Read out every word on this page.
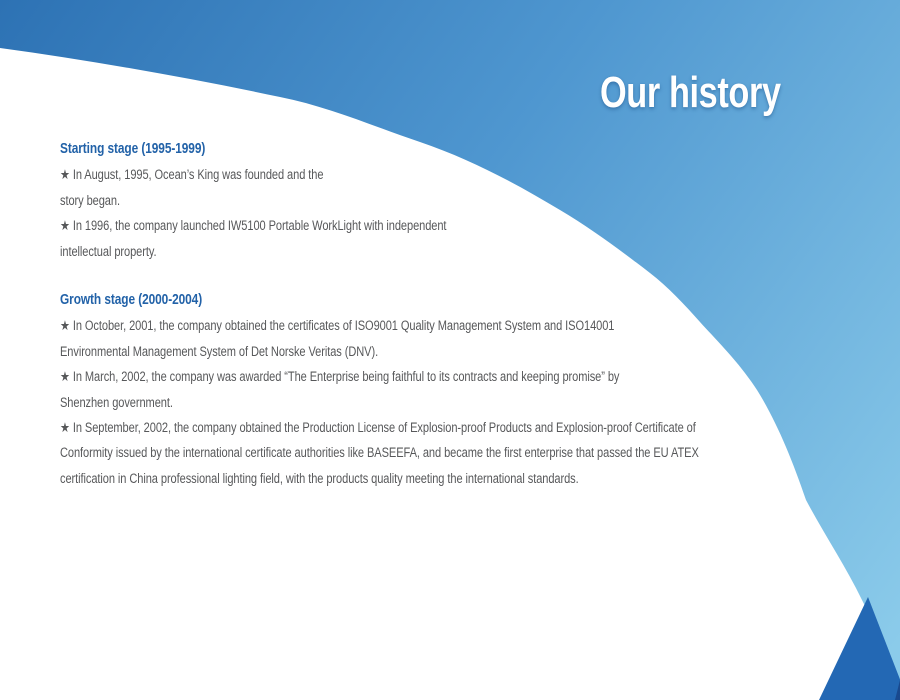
Our history
Starting stage (1995-1999)
★ In August, 1995, Ocean’s King was founded and the
story began.
★ In 1996, the company launched IW5100 Portable WorkLight with independent
intellectual property.
Growth stage (2000-2004)
★ In October, 2001, the company obtained the certificates of ISO9001 Quality Management System and ISO14001
Environmental Management System of Det Norske Veritas (DNV).
★ In March, 2002, the company was awarded “The Enterprise being faithful to its contracts and keeping promise” by
Shenzhen government.
★ In September, 2002, the company obtained the Production License of Explosion-proof Products and Explosion-proof Certificate of
Conformity issued by the international certificate authorities like BASEEFA, and became the first enterprise that passed the EU ATEX
certification in China professional lighting field, with the products quality meeting the international standards.
